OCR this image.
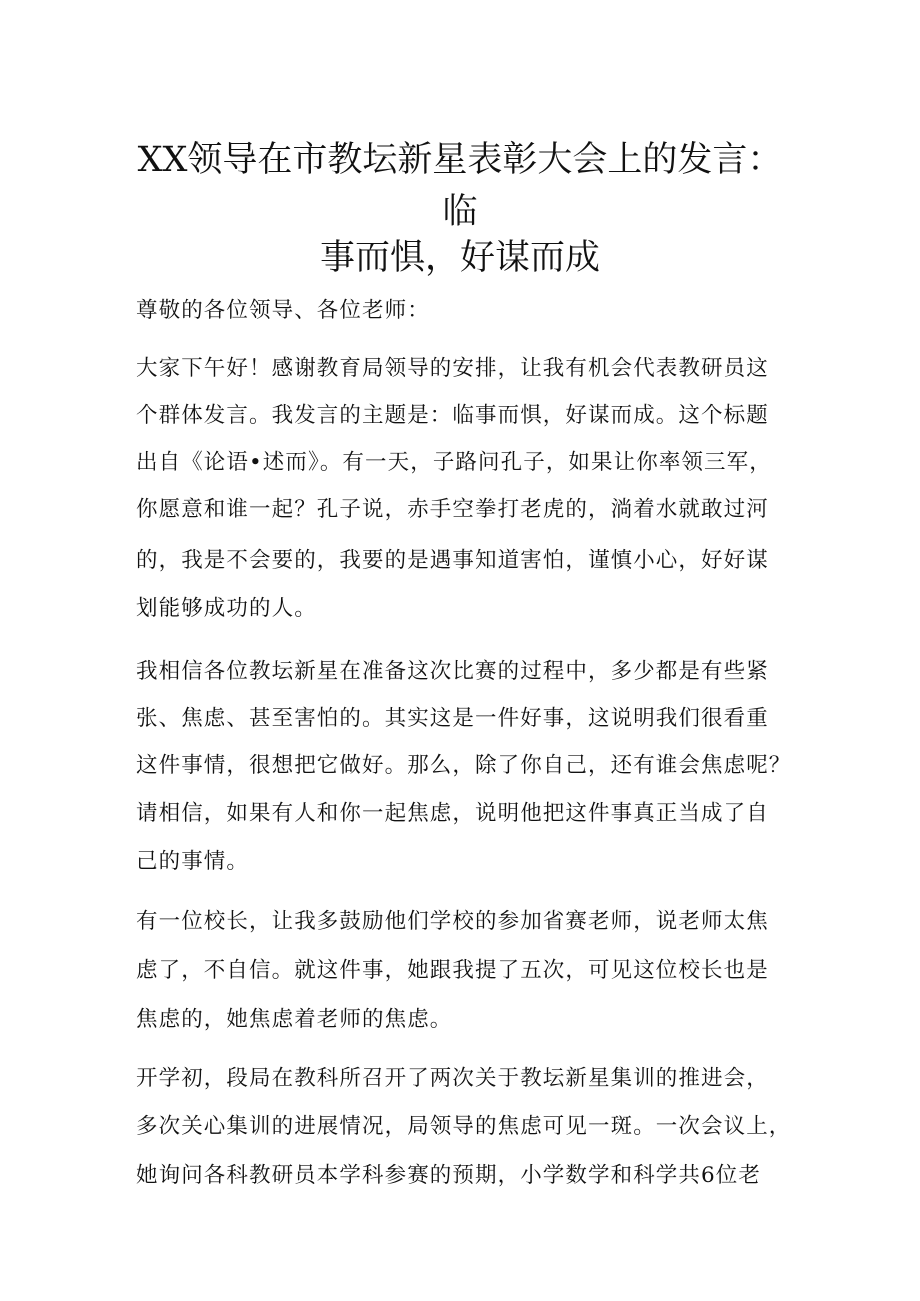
XX领导在市教坛新星表彰大会上的发言：
临
事而惧，好谋而成
尊敬的各位领导、各位老师：
大家下午好！感谢教育局领导的安排，让我有机会代表教研员这
个群体发言。我发言的主题是：临事而惧，好谋而成。这个标题
出自《论语•述而》。有一天，子路问孔子，如果让你率领三军，
你愿意和谁一起？孔子说，赤手空拳打老虎的，淌着水就敢过河
的，我是不会要的，我要的是遇事知道害怕，谨慎小心，好好谋
划能够成功的人。
我相信各位教坛新星在准备这次比赛的过程中，多少都是有些紧
张、焦虑、甚至害怕的。其实这是一件好事，这说明我们很看重
这件事情，很想把它做好。那么，除了你自己，还有谁会焦虑呢？
请相信，如果有人和你一起焦虑，说明他把这件事真正当成了自
己的事情。
有一位校长，让我多鼓励他们学校的参加省赛老师，说老师太焦
虑了，不自信。就这件事，她跟我提了五次，可见这位校长也是
焦虑的，她焦虑着老师的焦虑。
开学初，段局在教科所召开了两次关于教坛新星集训的推进会，
多次关心集训的进展情况，局领导的焦虑可见一斑。一次会议上，
她询问各科教研员本学科参赛的预期，小学数学和科学共6位老
